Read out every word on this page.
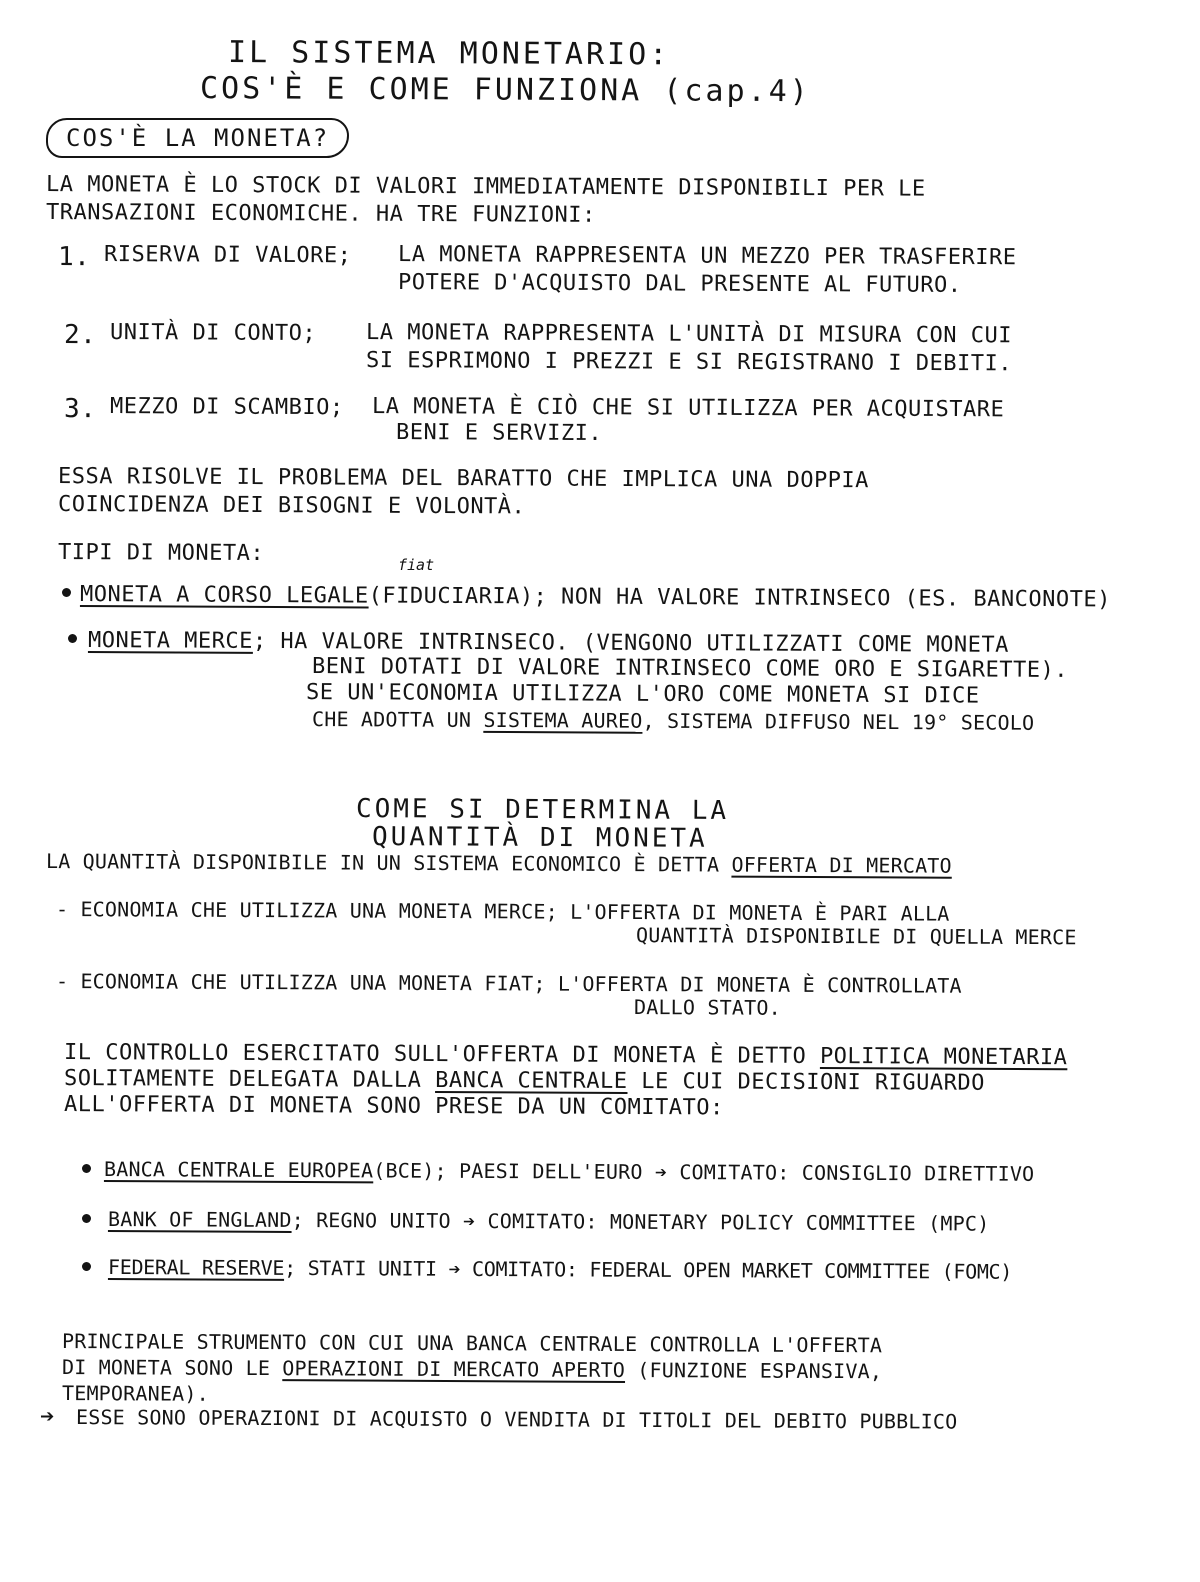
IL SISTEMA MONETARIO:

COS'È E COME FUNZIONA (cap.4)

COS'È LA MONETA?

LA MONETA È LO STOCK DI VALORI IMMEDIATAMENTE DISPONIBILI PER LE

TRANSAZIONI ECONOMICHE. HA TRE FUNZIONI:

1. RISERVA DI VALORE; LA MONETA RAPPRESENTA UN MEZZO PER TRASFERIRE

POTERE D'ACQUISTO DAL PRESENTE AL FUTURO.

2. UNITÀ DI CONTO; LA MONETA RAPPRESENTA L'UNITÀ DI MISURA CON CUI

SI ESPRIMONO I PREZZI E SI REGISTRANO I DEBITI.

3. MEZZO DI SCAMBIO; LA MONETA È CIÒ CHE SI UTILIZZA PER ACQUISTARE

BENI E SERVIZI.

ESSA RISOLVE IL PROBLEMA DEL BARATTO CHE IMPLICA UNA DOPPIA

COINCIDENZA DEI BISOGNI E VOLONTÀ.

TIPI DI MONETA:	fiat

MONETA A CORSO LEGALE(FIDUCIARIA); NON HA VALORE INTRINSECO (ES. BANCONOTE)

MONETA MERCE; HA VALORE INTRINSECO. (VENGONO UTILIZZATI COME MONETA

BENI DOTATI DI VALORE INTRINSECO COME ORO E SIGARETTE).

SE UN'ECONOMIA UTILIZZA L'ORO COME MONETA SI DICE

CHE ADOTTA UN SISTEMA AUREO, SISTEMA DIFFUSO NEL 19° SECOLO

COME SI DETERMINA LA

QUANTITÀ DI MONETA

LA QUANTITÀ DISPONIBILE IN UN SISTEMA ECONOMICO È DETTA OFFERTA DI MERCATO

- ECONOMIA CHE UTILIZZA UNA MONETA MERCE; L'OFFERTA DI MONETA È PARI ALLA

QUANTITÀ DISPONIBILE DI QUELLA MERCE

- ECONOMIA CHE UTILIZZA UNA MONETA FIAT; L'OFFERTA DI MONETA È CONTROLLATA

DALLO STATO.

IL CONTROLLO ESERCITATO SULL'OFFERTA DI MONETA È DETTO POLITICA MONETARIA

SOLITAMENTE DELEGATA DALLA BANCA CENTRALE LE CUI DECISIONI RIGUARDO

ALL'OFFERTA DI MONETA SONO PRESE DA UN COMITATO:

BANCA CENTRALE EUROPEA(BCE); PAESI DELL'EURO ➔ COMITATO: CONSIGLIO DIRETTIVO

BANK OF ENGLAND; REGNO UNITO ➔ COMITATO: MONETARY POLICY COMMITTEE (MPC)

FEDERAL RESERVE; STATI UNITI ➔ COMITATO: FEDERAL OPEN MARKET COMMITTEE (FOMC)

PRINCIPALE STRUMENTO CON CUI UNA BANCA CENTRALE CONTROLLA L'OFFERTA

DI MONETA SONO LE OPERAZIONI DI MERCATO APERTO (FUNZIONE ESPANSIVA,

TEMPORANEA).

➔ ESSE SONO OPERAZIONI DI ACQUISTO O VENDITA DI TITOLI DEL DEBITO PUBBLICO
